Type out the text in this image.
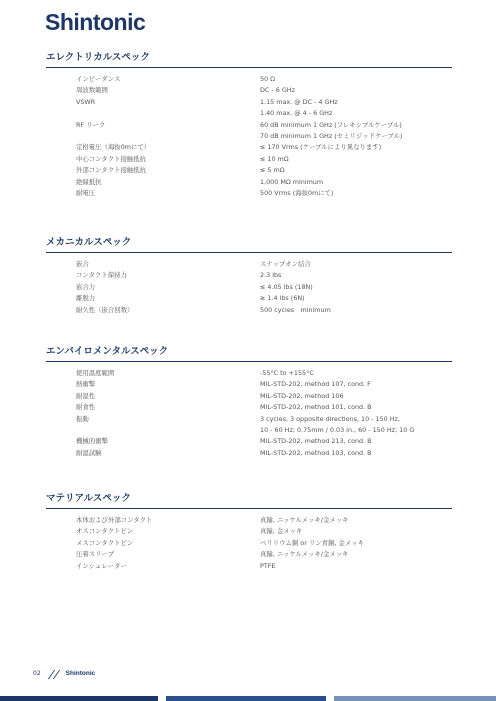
Shintonic
エレクトリカルスペック
インピーダンス	50 Ω
周波数範囲	DC - 6 GHz
VSWR	1.15 max. @ DC - 4 GHz
1.40 max. @ 4 - 6 GHz
RF リーク	60 dB minimum 1 GHz (フレキシブルケーブル)
70 dB minimum 1 GHz (セミリジッドケーブル)
定格電圧（海抜0mにて）	≤ 170 Vrms (ケーブルにより異なります)
中心コンタクト接触抵抗	≤ 10 mΩ
外部コンタクト接触抵抗	≤ 5 mΩ
絶縁抵抗	1,000 MΩ minimum
耐電圧	500 Vrms (海抜0mにて)
メカニカルスペック
嵌合	スナップオン結合
コンタクト保持力	2.3 lbs
嵌合力	≤ 4.05 lbs (18N)
離脱力	≥ 1.4 lbs (6N)
耐久性（嵌合回数）	500 cycles　minimum
エンバイロメンタルスペック
使用温度範囲	-55°C to +155°C
熱衝撃	MIL-STD-202, method 107, cond. F
耐湿性	MIL-STD-202, method 106
耐食性	MIL-STD-202, method 101, cond. B
振動	3 cycles, 3 opposite directions, 10 - 150 Hz,
10 - 60 Hz; 0.75mm / 0.03 in., 60 - 150 Hz; 10 G
機械的衝撃	MIL-STD-202, method 213, cond. B
耐湿試験	MIL-STD-202, method 103, cond. B
マテリアルスペック
本体および外部コンタクト	真鍮, ニッケルメッキ/金メッキ
オスコンタクトピン	真鍮, 金メッキ
メスコンタクトピン	ベリリウム銅 or リン青銅, 金メッキ
圧着スリーブ	真鍮, ニッケルメッキ/金メッキ
インシュレーター	PTFE
02	Shintonic
